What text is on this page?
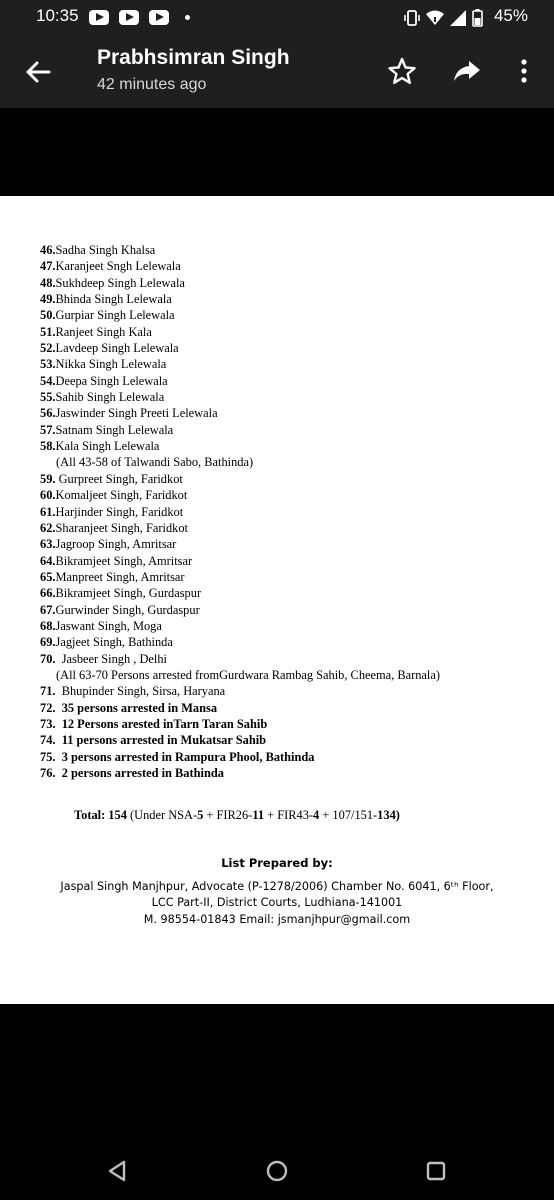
10:35	45%
Prabhsimran Singh
42 minutes ago
46.Sadha Singh Khalsa
47.Karanjeet Sngh Lelewala
48.Sukhdeep Singh Lelewala
49.Bhinda Singh Lelewala
50.Gurpiar Singh Lelewala
51.Ranjeet Singh Kala
52.Lavdeep Singh Lelewala
53.Nikka Singh Lelewala
54.Deepa Singh Lelewala
55.Sahib Singh Lelewala
56.Jaswinder Singh Preeti Lelewala
57.Satnam Singh Lelewala
58.Kala Singh Lelewala
(All 43-58 of Talwandi Sabo, Bathinda)
59. Gurpreet Singh, Faridkot
60.Komaljeet Singh, Faridkot
61.Harjinder Singh, Faridkot
62.Sharanjeet Singh, Faridkot
63.Jagroop Singh, Amritsar
64.Bikramjeet Singh, Amritsar
65.Manpreet Singh, Amritsar
66.Bikramjeet Singh, Gurdaspur
67.Gurwinder Singh, Gurdaspur
68.Jaswant Singh, Moga
69.Jagjeet Singh, Bathinda
70.  Jasbeer Singh , Delhi
(All 63-70 Persons arrested fromGurdwara Rambag Sahib, Cheema, Barnala)
71.  Bhupinder Singh, Sirsa, Haryana
72.  35 persons arrested in Mansa
73.  12 Persons arested inTarn Taran Sahib
74.  11 persons arrested in Mukatsar Sahib
75.  3 persons arrested in Rampura Phool, Bathinda
76.  2 persons arrested in Bathinda
Total: 154 (Under NSA-5 + FIR26-11 + FIR43-4 + 107/151-134)
List Prepared by:
Jaspal Singh Manjhpur, Advocate (P-1278/2006) Chamber No. 6041, 6ᵗʰ Floor,
LCC Part-II, District Courts, Ludhiana-141001
M. 98554-01843 Email: jsmanjhpur@gmail.com
